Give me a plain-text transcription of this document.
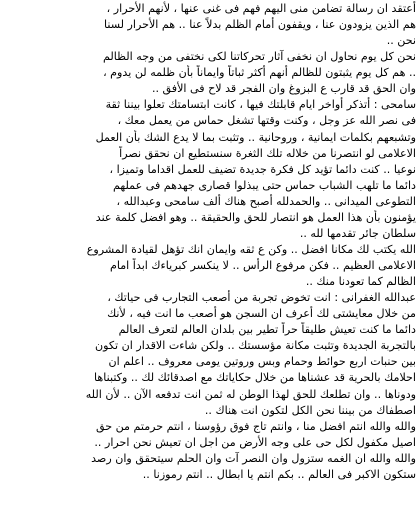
أعتقد ان رسالة تضامن منى اليهم فهم فى غنى عنها ، لأنهم الأحرار ،
هم الذين يزودون عنا ، ويقفون أمام الظلم بدلاً عنا .. هم الأحرار لسنا
نحن ..
نحن كل يوم نحاول ان نخفى آثار تحركاتنا لكى نختفى من وجه الظالم
.. هم كل يوم يثبتون للظالم أنهم أكثر ثباتاً وايماناً بأن ظلمه لن يدوم ،
وان الحق قد قارب ع البزوغ وان الفجر قد لاح فى الأفق ..
سامحى : أتذكر أواخر ايام قابلتك فيها ، كانت ابتسامتك تعلوا بيننا ثقة
فى نصر الله عز وجل ، وكنت وقتها تشغل حماس من يعمل معك ،
وتشبعهم بكلمات ايمانية ، وروحانية .. وتثبت بما لا يدع الشك بأن العمل
الاعلامى لو انتصرنا من خلاله تلك الثغرة سنستطيع ان نحقق نصراً
نوعيا .. كنت دائما تؤيد كل فكرة جديدة تضيف للعمل اقداما وتميزا ،
دائما ما تلهب الشباب حماس حتى يبذلوا قصارى جهدهم فى عملهم
التطوعى الميدانى .. والحمدلله أصبح هناك ألف سامحى وعبدالله ،
يؤمنون بأن هذا العمل هو انتصار للحق والحقيقة .. وهو افضل كلمة عند
سلطان جائر تقدمها لله ..
الله يكتب لك مكانا افضل .. وكن ع ثقه وايمان انك تؤهل لقيادة المشروع
الاعلامى العظيم .. فكن مرفوع الرأس .. لا ينكسر كبرياءك ابداً امام
الظالم كما تعودنا منك ..
عبدالله الغفرانى : انت تخوض تجربة من أصعب التجارب فى حياتك ،
من خلال معايشتى لك أعرف ان السجن هو أصعب ما انت فيه ، لأنك
دائما ما كنت تعيش طليقاً حراً تطير بين بلدان العالم لتعرف العالم
بالتجربة الجديدة وتثبت مكانة مؤسستك .. ولكن شاءت الاقدار ان تكون
بين حنبات اربع حوائط وحمام وبس وروتين يومى معروف .. اعلم ان
احلامك بالحرية قد عشناها من خلال حكاياتك مع اصدقائك لك .. وكتبناها
ودوناها .. وان تطلعك للحق لهذا الوطن له ثمن انت تدفعه الآن .. لأن الله
اصطفاك من بيننا نحن الكل لتكون انت هناك ..
والله والله انتم افضل منا ، وانتم تاج فوق رؤوسنا ، انتم حرمتم من حق
اصيل مكفول لكل حى على وجه الأرض من اجل ان تعيش نحن احرار ..
والله والله ان الغمه ستزول وان النصر آت وان الحلم سيتحقق وان رصد
ستكون الاكبر فى العالم .. بكم انتم يا ابطال .. انتم رموزنا ..
